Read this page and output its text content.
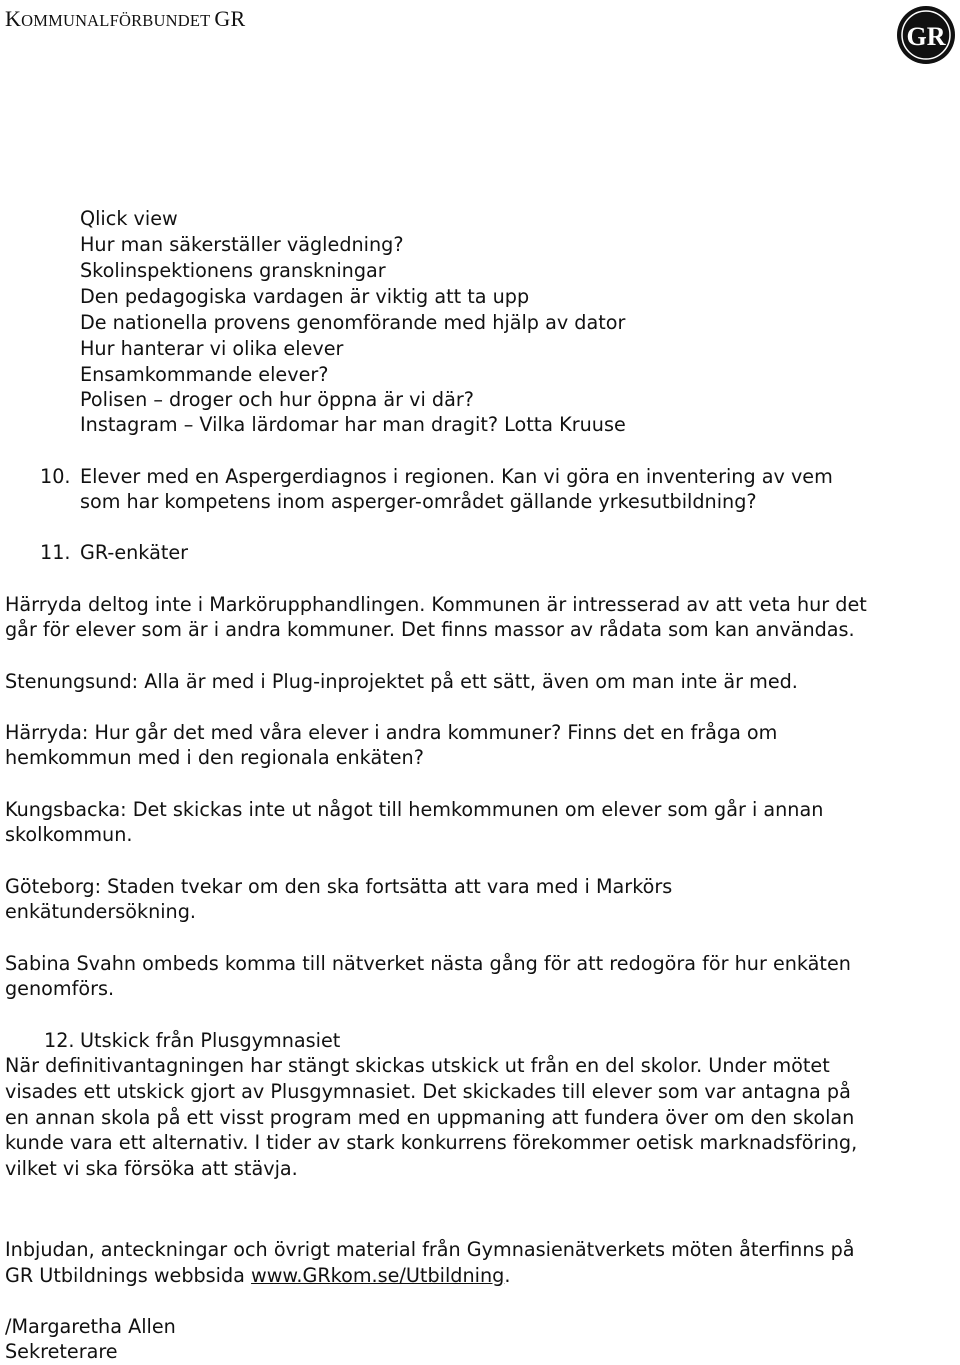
KOMMUNALFÖRBUNDET GR
GR
Qlick view
Hur man säkerställer vägledning?
Skolinspektionens granskningar
Den pedagogiska vardagen är viktig att ta upp
De nationella provens genomförande med hjälp av dator
Hur hanterar vi olika elever
Ensamkommande elever?
Polisen – droger och hur öppna är vi där?
Instagram – Vilka lärdomar har man dragit? Lotta Kruuse
10. Elever med en Aspergerdiagnos i regionen. Kan vi göra en inventering av vem
som har kompetens inom asperger-området gällande yrkesutbildning?
11. GR-enkäter
Härryda deltog inte i Markörupphandlingen. Kommunen är intresserad av att veta hur det
går för elever som är i andra kommuner. Det finns massor av rådata som kan användas.
Stenungsund: Alla är med i Plug-inprojektet på ett sätt, även om man inte är med.
Härryda: Hur går det med våra elever i andra kommuner? Finns det en fråga om
hemkommun med i den regionala enkäten?
Kungsbacka: Det skickas inte ut något till hemkommunen om elever som går i annan
skolkommun.
Göteborg: Staden tvekar om den ska fortsätta att vara med i Markörs
enkätundersökning.
Sabina Svahn ombeds komma till nätverket nästa gång för att redogöra för hur enkäten
genomförs.
12. Utskick från Plusgymnasiet
När definitivantagningen har stängt skickas utskick ut från en del skolor. Under mötet
visades ett utskick gjort av Plusgymnasiet. Det skickades till elever som var antagna på
en annan skola på ett visst program med en uppmaning att fundera över om den skolan
kunde vara ett alternativ. I tider av stark konkurrens förekommer oetisk marknadsföring,
vilket vi ska försöka att stävja.
Inbjudan, anteckningar och övrigt material från Gymnasienätverkets möten återfinns på
GR Utbildnings webbsida www.GRkom.se/Utbildning.
/Margaretha Allen
Sekreterare
